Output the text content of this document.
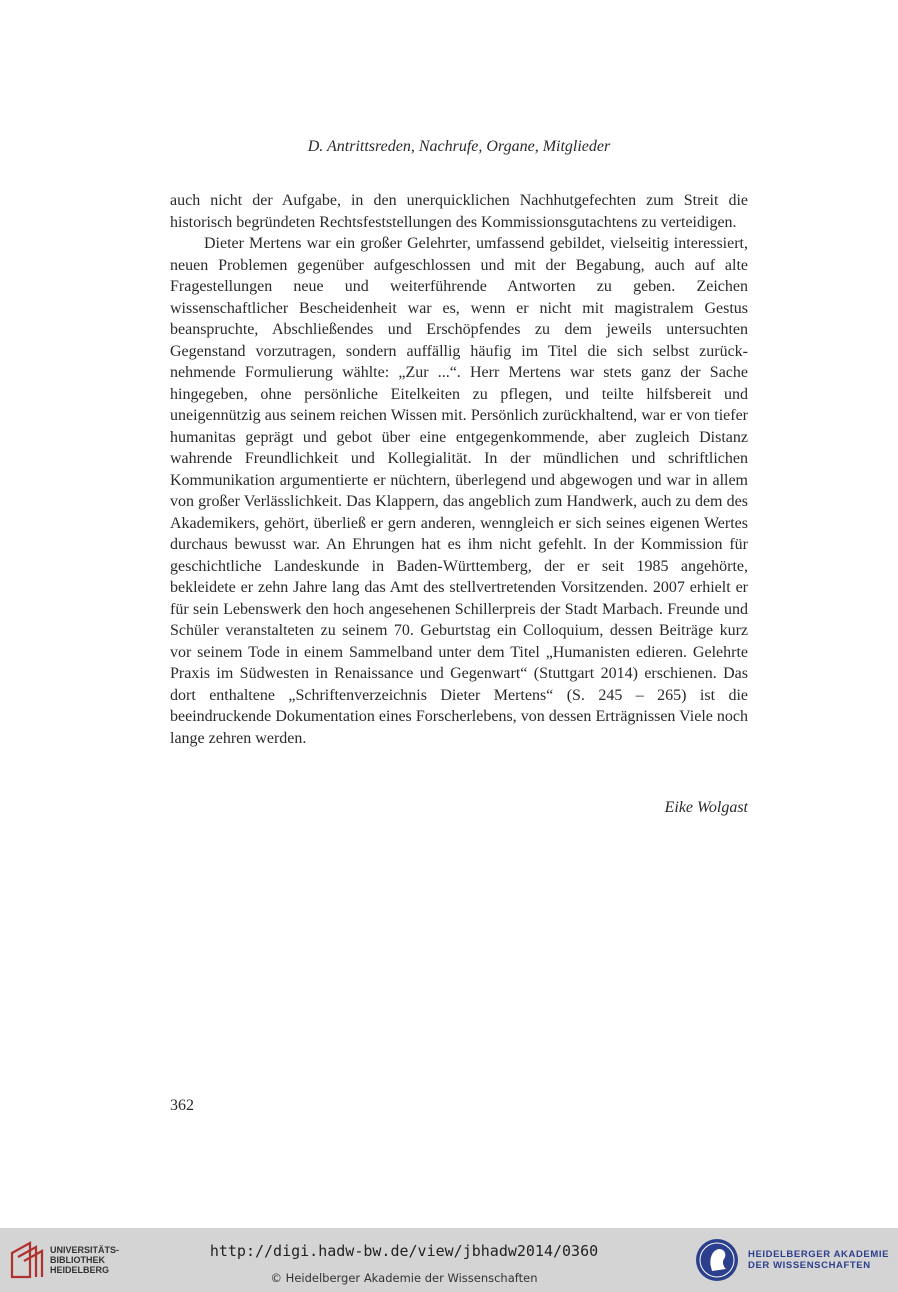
D. Antrittsreden, Nachrufe, Organe, Mitglieder

auch nicht der Aufgabe, in den unerquicklichen Nachhutgefechten zum Streit die historisch begründeten Rechtsfeststellungen des Kommissionsgutachtens zu verteidigen.

Dieter Mertens war ein großer Gelehrter, umfassend gebildet, vielseitig interessiert, neuen Problemen gegenüber aufgeschlossen und mit der Begabung, auch auf alte Fragestellungen neue und weiterführende Antworten zu geben. Zeichen wissenschaftlicher Bescheidenheit war es, wenn er nicht mit magistralem Gestus beanspruchte, Abschließendes und Erschöpfendes zu dem jeweils untersuchten Gegenstand vorzutragen, sondern auffällig häufig im Titel die sich selbst zurücknehmende Formulierung wählte: „Zur ...“. Herr Mertens war stets ganz der Sache hingegeben, ohne persönliche Eitelkeiten zu pflegen, und teilte hilfsbereit und uneigennützig aus seinem reichen Wissen mit. Persönlich zurückhaltend, war er von tiefer humanitas geprägt und gebot über eine entgegenkommende, aber zugleich Distanz wahrende Freundlichkeit und Kollegialität. In der mündlichen und schriftlichen Kommunikation argumentierte er nüchtern, überlegend und abgewogen und war in allem von großer Verlässlichkeit. Das Klappern, das angeblich zum Handwerk, auch zu dem des Akademikers, gehört, überließ er gern anderen, wenngleich er sich seines eigenen Wertes durchaus bewusst war. An Ehrungen hat es ihm nicht gefehlt. In der Kommission für geschichtliche Landeskunde in Baden-Württemberg, der er seit 1985 angehörte, bekleidete er zehn Jahre lang das Amt des stellvertretenden Vorsitzenden. 2007 erhielt er für sein Lebenswerk den hoch angesehenen Schillerpreis der Stadt Marbach. Freunde und Schüler veranstalteten zu seinem 70. Geburtstag ein Colloquium, dessen Beiträge kurz vor seinem Tode in einem Sammelband unter dem Titel „Humanisten edieren. Gelehrte Praxis im Südwesten in Renaissance und Gegenwart“ (Stuttgart 2014) erschienen. Das dort enthaltene „Schriftenverzeichnis Dieter Mertens“ (S. 245 – 265) ist die beeindruckende Dokumentation eines Forscherlebens, von dessen Erträgnissen Viele noch lange zehren werden.

Eike Wolgast
362
UNIVERSITÄTS-
BIBLIOTHEK
HEIDELBERG
http://digi.hadw-bw.de/view/jbhadw2014/0360
© Heidelberger Akademie der Wissenschaften
HEIDELBERGER AKADEMIE
DER WISSENSCHAFTEN
